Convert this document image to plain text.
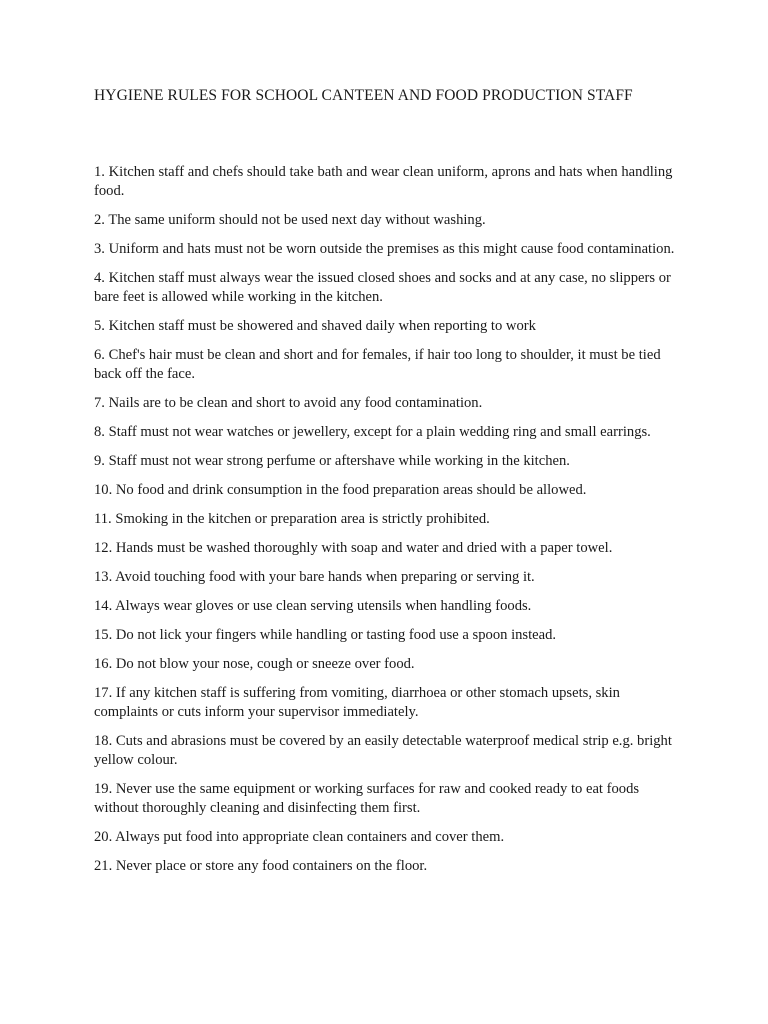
HYGIENE RULES FOR SCHOOL CANTEEN AND FOOD PRODUCTION STAFF
1. Kitchen staff and chefs should take bath and wear clean uniform, aprons and hats when handling food.
2. The same uniform should not be used next day without washing.
3. Uniform and hats must not be worn outside the premises as this might cause food contamination.
4. Kitchen staff must always wear the issued closed shoes and socks and at any case, no slippers or bare feet is allowed while working in the kitchen.
5. Kitchen staff must be showered and shaved daily when reporting to work
6. Chef's hair must be clean and short and for females, if hair too long to shoulder, it must be tied back off the face.
7. Nails are to be clean and short to avoid any food contamination.
8. Staff must not wear watches or jewellery, except for a plain wedding ring and small earrings.
9. Staff must not wear strong perfume or aftershave while working in the kitchen.
10. No food and drink consumption in the food preparation areas should be allowed.
11. Smoking in the kitchen or preparation area is strictly prohibited.
12. Hands must be washed thoroughly with soap and water and dried with a paper towel.
13. Avoid touching food with your bare hands when preparing or serving it.
14. Always wear gloves or use clean serving utensils when handling foods.
15. Do not lick your fingers while handling or tasting food use a spoon instead.
16. Do not blow your nose, cough or sneeze over food.
17. If any kitchen staff is suffering from vomiting, diarrhoea or other stomach upsets, skin complaints or cuts inform your supervisor immediately.
18. Cuts and abrasions must be covered by an easily detectable waterproof medical strip e.g. bright yellow colour.
19. Never use the same equipment or working surfaces for raw and cooked ready to eat foods without thoroughly cleaning and disinfecting them first.
20. Always put food into appropriate clean containers and cover them.
21. Never place or store any food containers on the floor.
